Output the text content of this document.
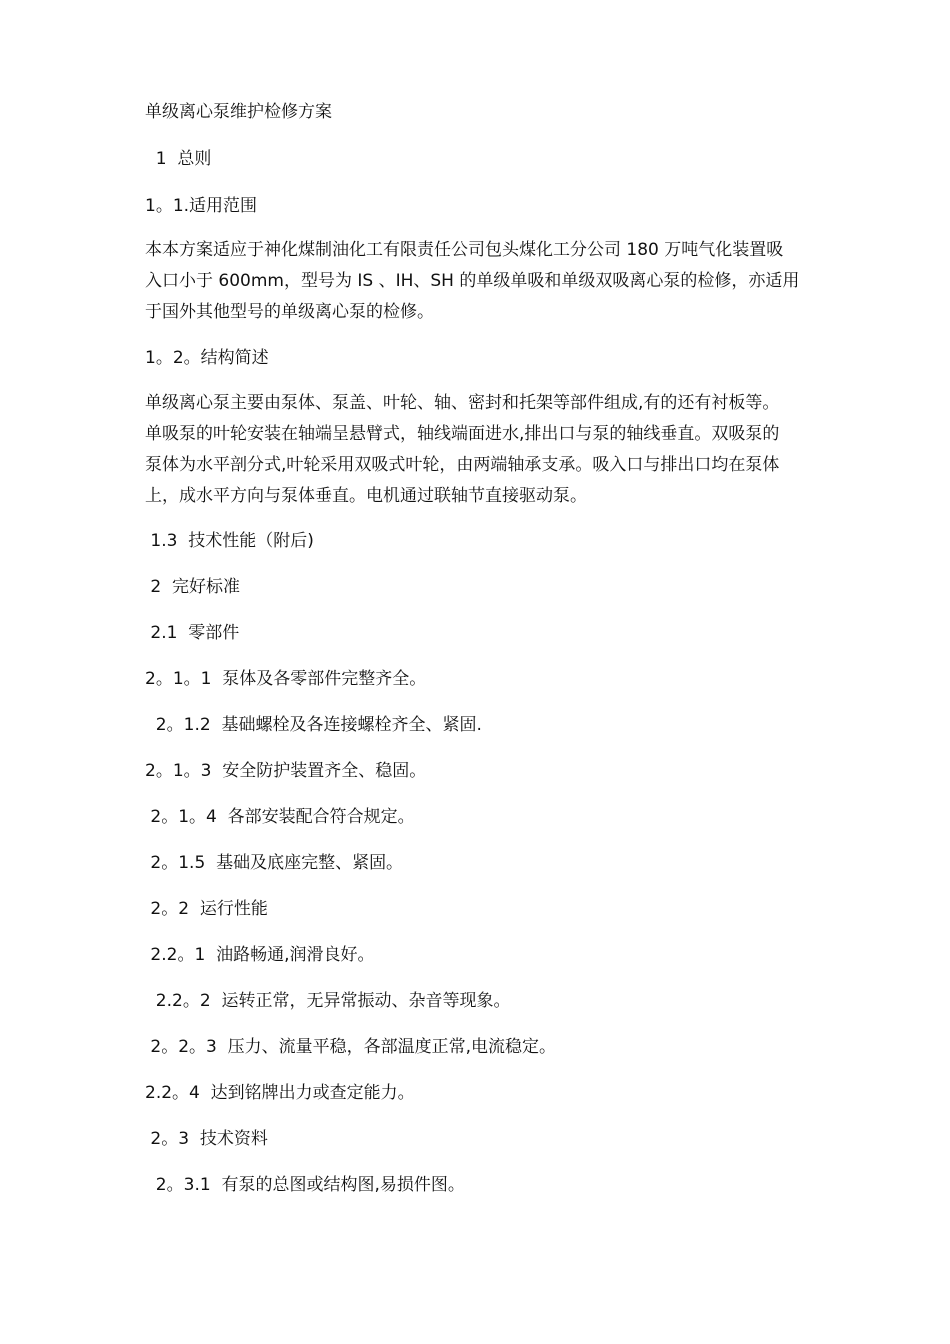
单级离心泵维护检修方案

1  总则

1。1.适用范围

本本方案适应于神化煤制油化工有限责任公司包头煤化工分公司 180 万吨气化装置吸
入口小于 600mm，型号为 IS 、IH、SH 的单级单吸和单级双吸离心泵的检修，亦适用
于国外其他型号的单级离心泵的检修。

1。2。结构简述

单级离心泵主要由泵体、泵盖、叶轮、轴、密封和托架等部件组成,有的还有衬板等。
单吸泵的叶轮安装在轴端呈悬臂式，轴线端面进水,排出口与泵的轴线垂直。双吸泵的
泵体为水平剖分式,叶轮采用双吸式叶轮，由两端轴承支承。吸入口与排出口均在泵体
上，成水平方向与泵体垂直。电机通过联轴节直接驱动泵。

1.3  技术性能（附后)

2  完好标准

2.1  零部件

2。1。1  泵体及各零部件完整齐全。

2。1.2  基础螺栓及各连接螺栓齐全、紧固.

2。1。3  安全防护装置齐全、稳固。

2。1。4  各部安装配合符合规定。

2。1.5  基础及底座完整、紧固。

2。2  运行性能

2.2。1  油路畅通,润滑良好。

2.2。2  运转正常，无异常振动、杂音等现象。

2。2。3  压力、流量平稳，各部温度正常,电流稳定。

2.2。4  达到铭牌出力或查定能力。

2。3  技术资料

2。3.1  有泵的总图或结构图,易损件图。
